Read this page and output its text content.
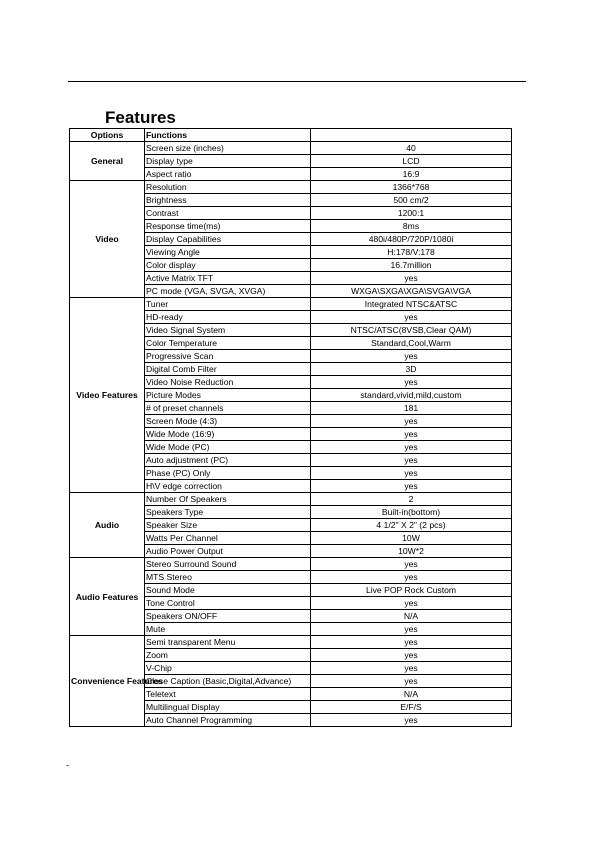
Features
Options	Functions	
General	Screen size (inches)	40
	Display type	LCD
	Aspect ratio	16:9
Video	Resolution	1366*768
	Brightness	500 cm/2
	Contrast	1200:1
	Response time(ms)	8ms
	Display Capabilities	480i/480P/720P/1080i
	Viewing Angle	H:178/V:178
	Color display	16.7million
	Active Matrix TFT	yes
	PC mode (VGA, SVGA, XVGA)	WXGA\SXGA\XGA\SVGA\VGA
Video Features	Tuner	Integrated NTSC&ATSC
	HD-ready	yes
	Video Signal System	NTSC/ATSC(8VSB,Clear QAM)
	Color Temperature	Standard,Cool,Warm
	Progressive Scan	yes
	Digital Comb Filter	3D
	Video Noise Reduction	yes
	Picture Modes	standard,vivid,mild,custom
	# of preset channels	181
	Screen Mode (4:3)	yes
	Wide Mode (16:9)	yes
	Wide Mode (PC)	yes
	Auto adjustment (PC)	yes
	Phase (PC) Only	yes
	H\V edge correction	yes
Audio	Number Of Speakers	2
	Speakers Type	Built-in(bottom)
	Speaker Size	4 1/2" X 2" (2 pcs)
	Watts Per Channel	10W
	Audio Power Output	10W*2
Audio Features	Stereo Surround Sound	yes
	MTS Stereo	yes
	Sound Mode	Live POP Rock Custom
	Tone Control	yes
	Speakers ON/OFF	N/A
	Mute	yes
Convenience Features	Semi transparent Menu	yes
	Zoom	yes
	V-Chip	yes
	Close Caption (Basic,Digital,Advance)	yes
	Teletext	N/A
	Multilingual Display	E/F/S
	Auto Channel Programming	yes
-
